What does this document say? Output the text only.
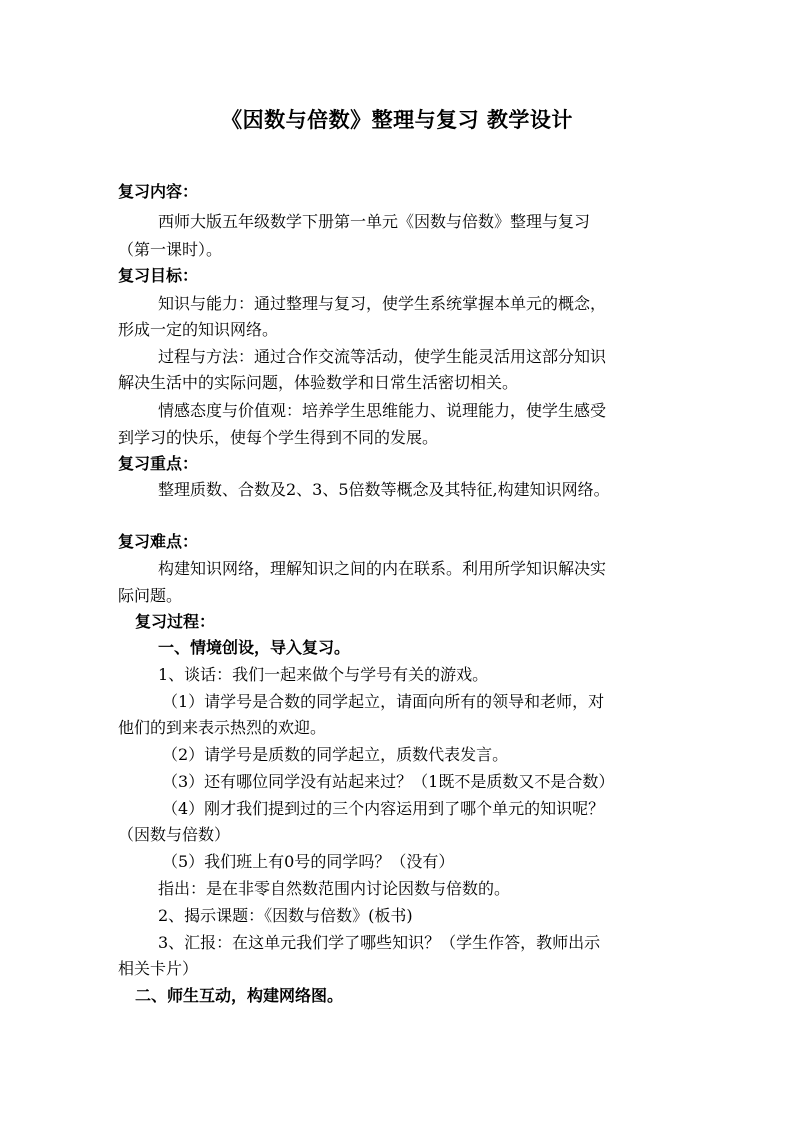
《因数与倍数》整理与复习 教学设计
复习内容：
西师大版五年级数学下册第一单元《因数与倍数》整理与复习
（第一课时）。
复习目标：
知识与能力：通过整理与复习，使学生系统掌握本单元的概念，
形成一定的知识网络。
过程与方法：通过合作交流等活动，使学生能灵活用这部分知识
解决生活中的实际问题，体验数学和日常生活密切相关。
情感态度与价值观：培养学生思维能力、说理能力，使学生感受
到学习的快乐，使每个学生得到不同的发展。
复习重点：
整理质数、合数及2、3、5倍数等概念及其特征,构建知识网络。
复习难点：
构建知识网络，理解知识之间的内在联系。利用所学知识解决实
际问题。
复习过程：
一、情境创设，导入复习。
1、谈话：我们一起来做个与学号有关的游戏。
（1）请学号是合数的同学起立，请面向所有的领导和老师，对
他们的到来表示热烈的欢迎。
（2）请学号是质数的同学起立，质数代表发言。
（3）还有哪位同学没有站起来过？（1既不是质数又不是合数）
（4）刚才我们提到过的三个内容运用到了哪个单元的知识呢？
（因数与倍数）
（5）我们班上有0号的同学吗？（没有）
指出：是在非零自然数范围内讨论因数与倍数的。
2、揭示课题：《因数与倍数》(板书)
3、汇报：在这单元我们学了哪些知识？（学生作答，教师出示
相关卡片）
二、师生互动，构建网络图。
